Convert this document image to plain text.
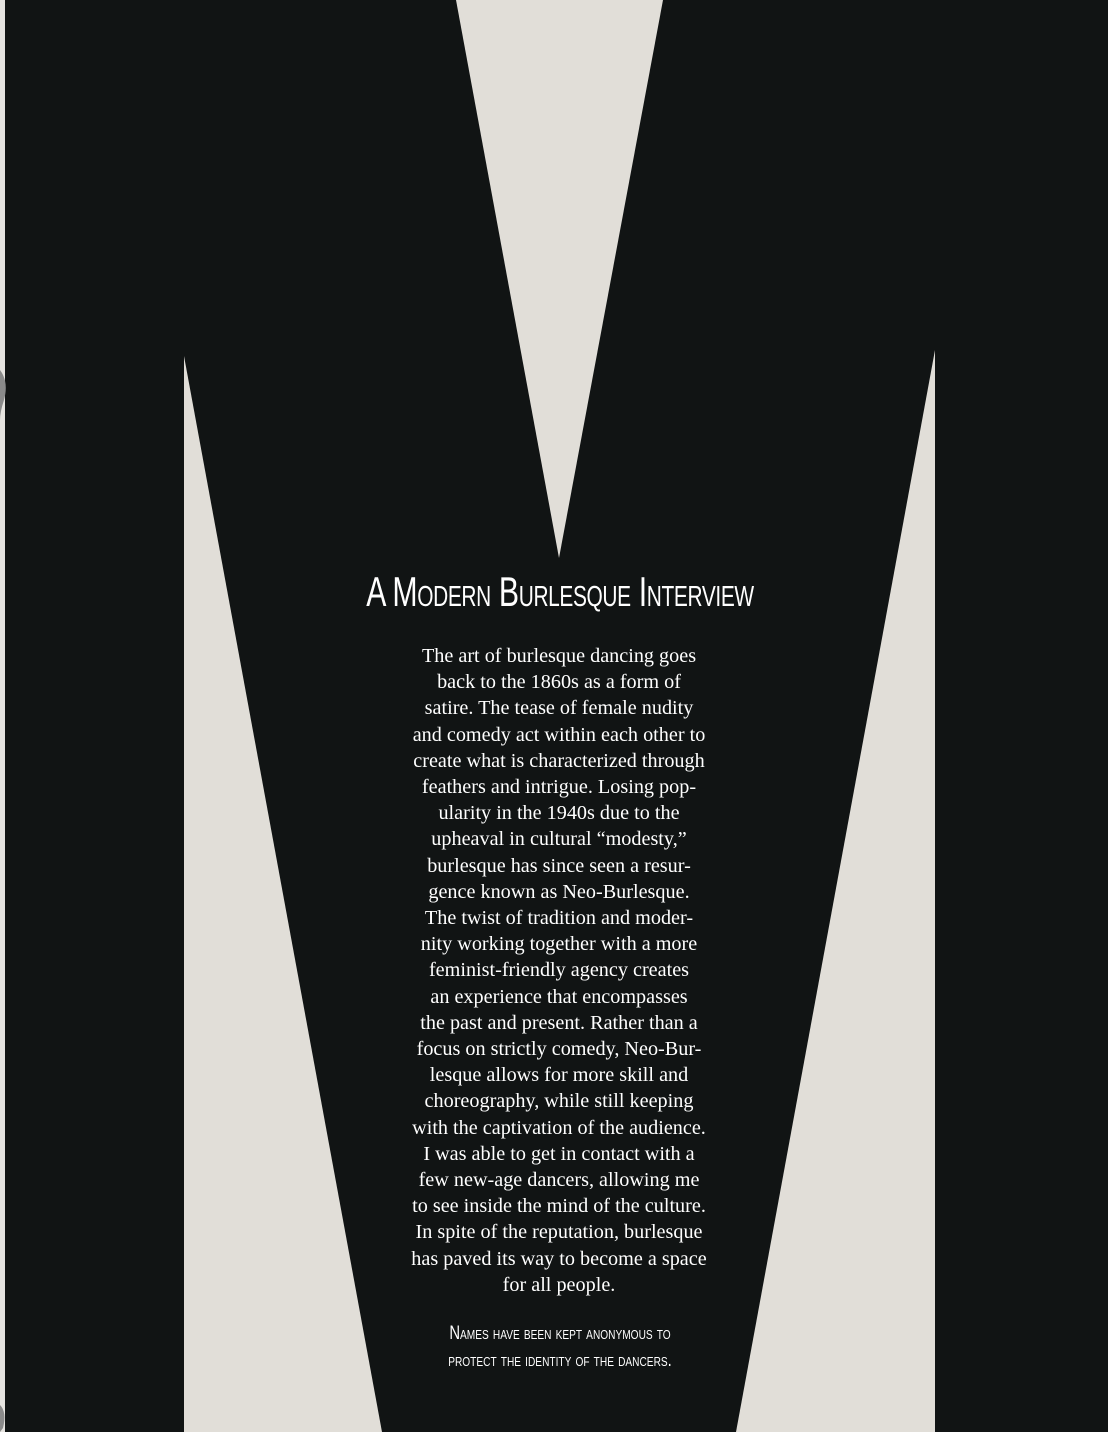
A Modern Burlesque Interview

The art of burlesque dancing goes
back to the 1860s as a form of
satire. The tease of female nudity
and comedy act within each other to
create what is characterized through
feathers and intrigue. Losing pop-
ularity in the 1940s due to the
upheaval in cultural “modesty,”
burlesque has since seen a resur-
gence known as Neo-Burlesque.
The twist of tradition and moder-
nity working together with a more
feminist-friendly agency creates
an experience that encompasses
the past and present. Rather than a
focus on strictly comedy, Neo-Bur-
lesque allows for more skill and
choreography, while still keeping
with the captivation of the audience.
I was able to get in contact with a
few new-age dancers, allowing me
to see inside the mind of the culture.
In spite of the reputation, burlesque
has paved its way to become a space
for all people.

Names have been kept anonymous to
protect the identity of the dancers.
